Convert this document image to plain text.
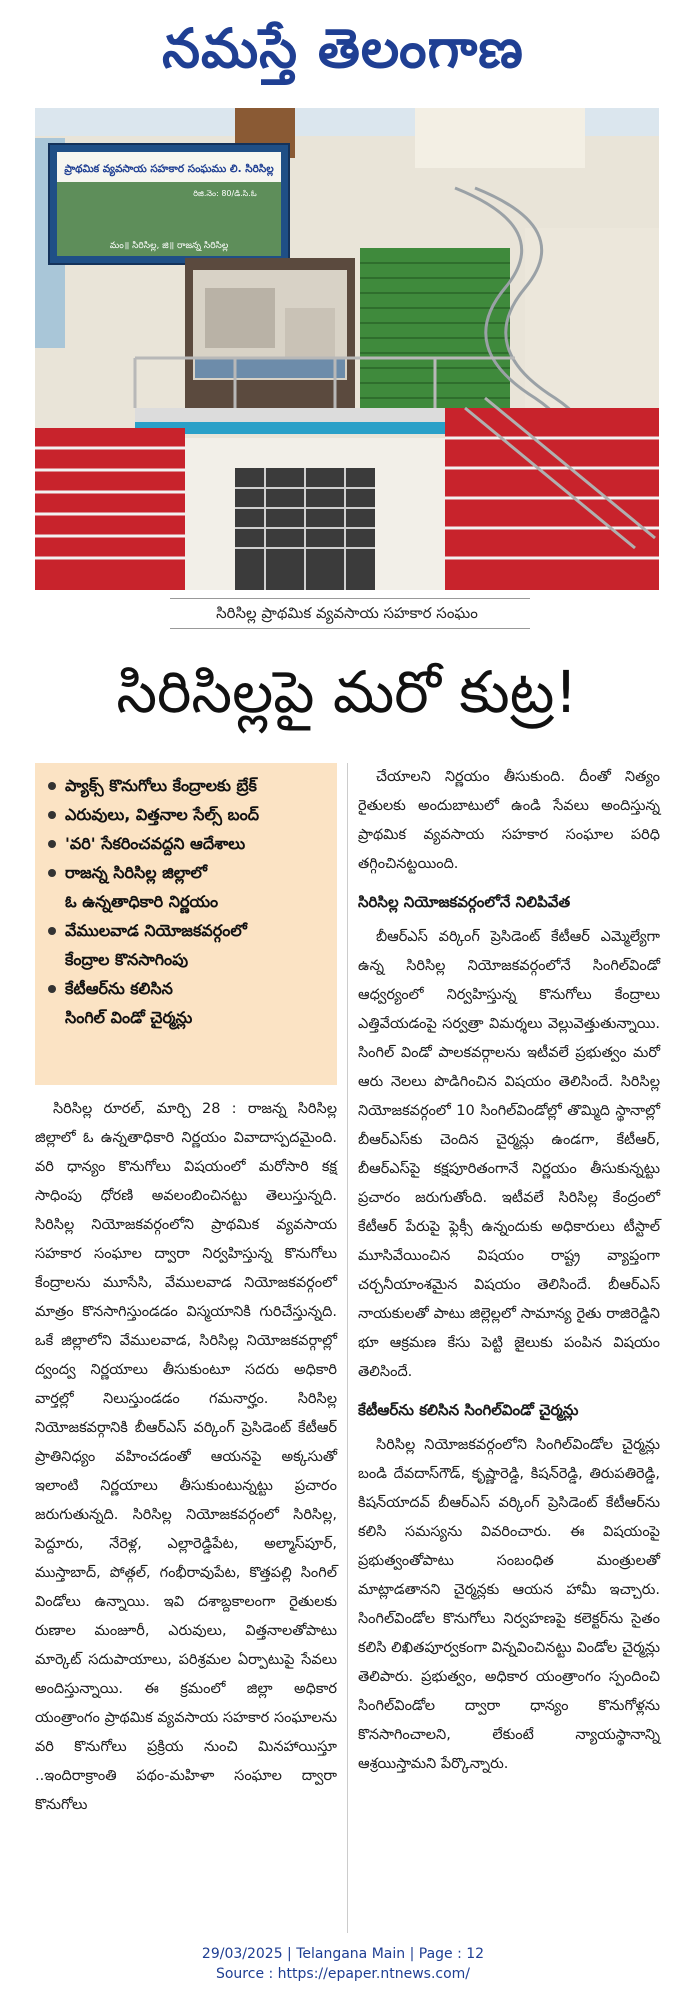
నమస్తే తెలంగాణ
ప్రాథమిక వ్యవసాయ సహకార సంఘము లి. సిరిసిల్ల
రిజి.నెం: 80/డి.సి.ఓ
మం॥ సిరిసిల్ల, జి॥ రాజన్న సిరిసిల్ల
సిరిసిల్ల ప్రాథమిక వ్యవసాయ సహకార సంఘం
సిరిసిల్లపై మరో కుట్ర!
ప్యాక్స్ కొనుగోలు కేంద్రాలకు బ్రేక్
ఎరువులు, విత్తనాల సేల్స్ బంద్
'వరి' సేకరించవద్దని ఆదేశాలు
రాజన్న సిరిసిల్ల జిల్లాలో
ఓ ఉన్నతాధికారి నిర్ణయం
వేములవాడ నియోజకవర్గంలో
కేంద్రాల కొనసాగింపు
కేటీఆర్‌ను కలిసిన
సింగిల్ విండో చైర్మన్లు

సిరిసిల్ల రూరల్, మార్చి 28 : రాజన్న సిరిసిల్ల జిల్లాలో ఓ ఉన్నతాధికారి నిర్ణయం వివాదాస్పదమైంది. వరి ధాన్యం కొనుగోలు విషయంలో మరోసారి కక్ష సాధింపు ధోరణి అవలంబించినట్టు తెలుస్తున్నది. సిరిసిల్ల నియోజకవర్గంలోని ప్రాథమిక వ్యవసాయ సహకార సంఘాల ద్వారా నిర్వహిస్తున్న కొనుగోలు కేంద్రాలను మూసేసి, వేములవాడ నియోజకవర్గంలో మాత్రం కొనసాగిస్తుండడం విస్మయానికి గురిచేస్తున్నది. ఒకే జిల్లాలోని వేములవాడ, సిరిసిల్ల నియోజకవర్గాల్లో ద్వంద్వ నిర్ణయాలు తీసుకుంటూ సదరు అధికారి వార్తల్లో నిలుస్తుండడం గమనార్హం. సిరిసిల్ల నియోజకవర్గానికి బీఆర్‌ఎస్ వర్కింగ్ ప్రెసిడెంట్ కేటీఆర్ ప్రాతినిధ్యం వహించడంతో ఆయనపై అక్కసుతో ఇలాంటి నిర్ణయాలు తీసుకుంటున్నట్టు ప్రచారం జరుగుతున్నది. సిరిసిల్ల నియోజకవర్గంలో సిరిసిల్ల, పెద్దూరు, నేరెళ్ల, ఎల్లారెడ్డిపేట, అల్మాస్‌పూర్, ముస్తాబాద్, పోత్గల్, గంభీరావుపేట, కొత్తపల్లి సింగిల్ విండోలు ఉన్నాయి. ఇవి దశాబ్దకాలంగా రైతులకు రుణాల మంజూరీ, ఎరువులు, విత్తనాలతోపాటు మార్కెట్ సదుపాయాలు, పరిశ్రమల ఏర్పాటుపై సేవలు అందిస్తున్నాయి. ఈ క్రమంలో జిల్లా అధికార యంత్రాంగం ప్రాథమిక వ్యవసాయ సహకార సంఘాలను వరి కొనుగోలు ప్రక్రియ నుంచి మినహాయిస్తూ ..ఇందిరాక్రాంతి పథం-మహిళా సంఘాల ద్వారా కొనుగోలు

చేయాలని నిర్ణయం తీసుకుంది. దీంతో నిత్యం రైతులకు అందుబాటులో ఉండి సేవలు అందిస్తున్న ప్రాథమిక వ్యవసాయ సహకార సంఘాల పరిధి తగ్గించినట్టయింది.

సిరిసిల్ల నియోజకవర్గంలోనే నిలిపివేత

బీఆర్‌ఎస్ వర్కింగ్ ప్రెసిడెంట్ కేటీఆర్ ఎమ్మెల్యేగా ఉన్న సిరిసిల్ల నియోజకవర్గంలోనే సింగిల్‌విండో ఆధ్వర్యంలో నిర్వహిస్తున్న కొనుగోలు కేంద్రాలు ఎత్తివేయడంపై సర్వత్రా విమర్శలు వెల్లువెత్తుతున్నాయి. సింగిల్ విండో పాలకవర్గాలను ఇటీవలే ప్రభుత్వం మరో ఆరు నెలలు పొడిగించిన విషయం తెలిసిందే. సిరిసిల్ల నియోజకవర్గంలో 10 సింగిల్‌విండోల్లో తొమ్మిది స్థానాల్లో బీఆర్‌ఎస్‌కు చెందిన చైర్మన్లు ఉండగా, కేటీఆర్, బీఆర్‌ఎస్‌పై కక్షపూరితంగానే నిర్ణయం తీసుకున్నట్టు ప్రచారం జరుగుతోంది. ఇటీవలే సిరిసిల్ల కేంద్రంలో కేటీఆర్ పేరుపై ఫ్లెక్సీ ఉన్నందుకు అధికారులు టీస్టాల్ మూసివేయించిన విషయం రాష్ట్ర వ్యాప్తంగా చర్చనీయాంశమైన విషయం తెలిసిందే. బీఆర్‌ఎస్ నాయకులతో పాటు జిల్లెల్లలో సామాన్య రైతు రాజిరెడ్డిని భూ ఆక్రమణ కేసు పెట్టి జైలుకు పంపిన విషయం తెలిసిందే.

కేటీఆర్‌ను కలిసిన సింగిల్‌విండో చైర్మన్లు

సిరిసిల్ల నియోజకవర్గంలోని సింగిల్‌విండోల చైర్మన్లు బండి దేవదాస్‌గౌడ్, కృష్ణారెడ్డి, కిషన్‌రెడ్డి, తిరుపతిరెడ్డి, కిషన్‌యాదవ్ బీఆర్‌ఎస్ వర్కింగ్ ప్రెసిడెంట్ కేటీఆర్‌ను కలిసి సమస్యను వివరించారు. ఈ విషయంపై ప్రభుత్వంతోపాటు సంబంధిత మంత్రులతో మాట్లాడతానని చైర్మన్లకు ఆయన హామీ ఇచ్చారు. సింగిల్‌విండోల కొనుగోలు నిర్వహణపై కలెక్టర్‌ను సైతం కలిసి లిఖితపూర్వకంగా విన్నవించినట్టు విండోల చైర్మన్లు తెలిపారు. ప్రభుత్వం, అధికార యంత్రాంగం స్పందించి సింగిల్‌విండోల ద్వారా ధాన్యం కొనుగోళ్లను కొనసాగించాలని, లేకుంటే న్యాయస్థానాన్ని ఆశ్రయిస్తామని పేర్కొన్నారు.

29/03/2025 | Telangana Main | Page : 12
Source : https://epaper.ntnews.com/
